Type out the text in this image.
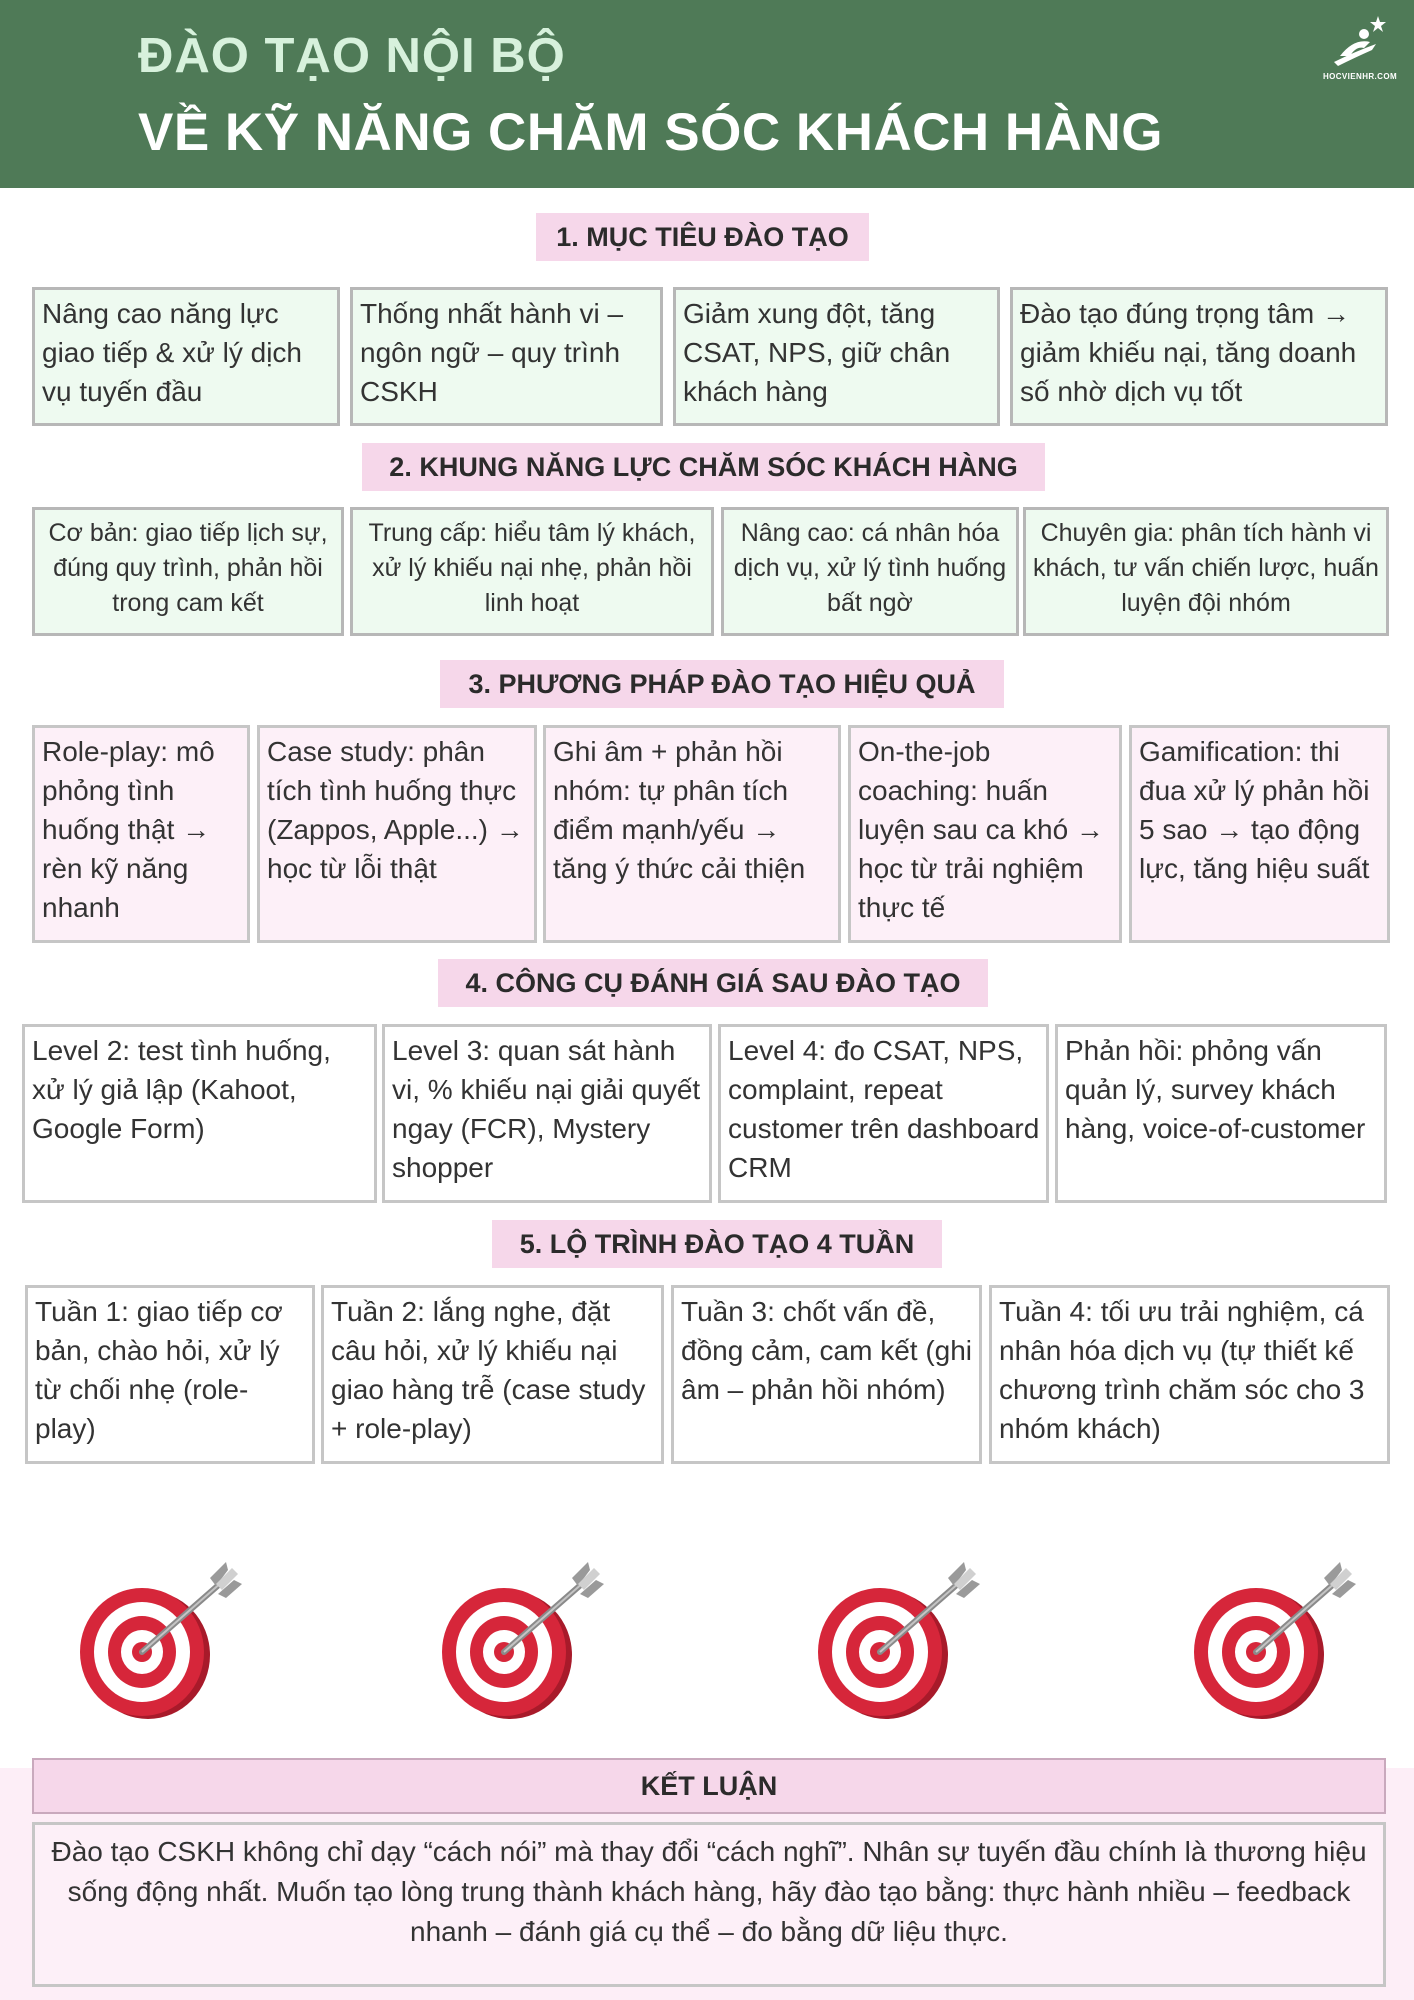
ĐÀO TẠO NỘI BỘ
VỀ KỸ NĂNG CHĂM SÓC KHÁCH HÀNG
HOCVIENHR.COM
1. MỤC TIÊU ĐÀO TẠO
Nâng cao năng lực giao tiếp & xử lý dịch vụ tuyến đầu
Thống nhất hành vi – ngôn ngữ – quy trình CSKH
Giảm xung đột, tăng CSAT, NPS, giữ chân khách hàng
Đào tạo đúng trọng tâm → giảm khiếu nại, tăng doanh số nhờ dịch vụ tốt
2. KHUNG NĂNG LỰC CHĂM SÓC KHÁCH HÀNG
Cơ bản: giao tiếp lịch sự, đúng quy trình, phản hồi trong cam kết
Trung cấp: hiểu tâm lý khách, xử lý khiếu nại nhẹ, phản hồi linh hoạt
Nâng cao: cá nhân hóa dịch vụ, xử lý tình huống bất ngờ
Chuyên gia: phân tích hành vi khách, tư vấn chiến lược, huấn luyện đội nhóm
3. PHƯƠNG PHÁP ĐÀO TẠO HIỆU QUẢ
Role-play: mô phỏng tình huống thật → rèn kỹ năng nhanh
Case study: phân tích tình huống thực (Zappos, Apple...) → học từ lỗi thật
Ghi âm + phản hồi nhóm: tự phân tích điểm mạnh/yếu → tăng ý thức cải thiện
On-the-job coaching: huấn luyện sau ca khó → học từ trải nghiệm thực tế
Gamification: thi đua xử lý phản hồi 5 sao → tạo động lực, tăng hiệu suất
4. CÔNG CỤ ĐÁNH GIÁ SAU ĐÀO TẠO
Level 2: test tình huống, xử lý giả lập (Kahoot, Google Form)
Level 3: quan sát hành vi, % khiếu nại giải quyết ngay (FCR), Mystery shopper
Level 4: đo CSAT, NPS, complaint, repeat customer trên dashboard CRM
Phản hồi: phỏng vấn quản lý, survey khách hàng, voice-of-customer
5. LỘ TRÌNH ĐÀO TẠO 4 TUẦN
Tuần 1: giao tiếp cơ bản, chào hỏi, xử lý từ chối nhẹ (role-play)
Tuần 2: lắng nghe, đặt câu hỏi, xử lý khiếu nại giao hàng trễ (case study + role-play)
Tuần 3: chốt vấn đề, đồng cảm, cam kết (ghi âm – phản hồi nhóm)
Tuần 4: tối ưu trải nghiệm, cá nhân hóa dịch vụ (tự thiết kế chương trình chăm sóc cho 3 nhóm khách)
KẾT LUẬN
Đào tạo CSKH không chỉ dạy “cách nói” mà thay đổi “cách nghĩ”. Nhân sự tuyến đầu chính là thương hiệu sống động nhất. Muốn tạo lòng trung thành khách hàng, hãy đào tạo bằng: thực hành nhiều – feedback nhanh – đánh giá cụ thể – đo bằng dữ liệu thực.
